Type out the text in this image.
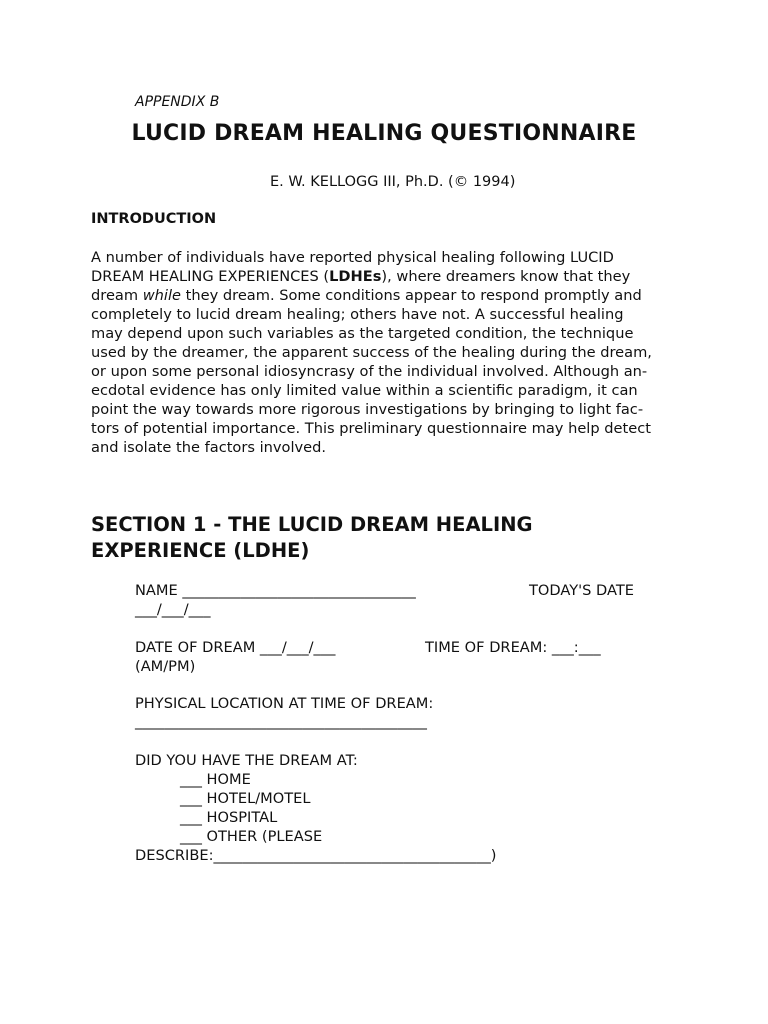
APPENDIX B
LUCID DREAM HEALING QUESTIONNAIRE
E. W. KELLOGG III, Ph.D. (© 1994)
INTRODUCTION
A number of individuals have reported physical healing following LUCID
DREAM HEALING EXPERIENCES (LDHEs), where dreamers know that they
dream while they dream. Some conditions appear to respond promptly and
completely to lucid dream healing; others have not. A successful healing
may depend upon such variables as the targeted condition, the technique
used by the dreamer, the apparent success of the healing during the dream,
or upon some personal idiosyncrasy of the individual involved. Although an-
ecdotal evidence has only limited value within a scientific paradigm, it can
point the way towards more rigorous investigations by bringing to light fac-
tors of potential importance. This preliminary questionnaire may help detect
and isolate the factors involved.
SECTION 1 - THE LUCID DREAM HEALING
EXPERIENCE (LDHE)
NAME ________________________________	TODAY'S DATE
___/___/___
DATE OF DREAM ___/___/___	TIME OF DREAM: ___:___
(AM/PM)
PHYSICAL LOCATION AT TIME OF DREAM:
________________________________________
DID YOU HAVE THE DREAM AT:
___ HOME
___ HOTEL/MOTEL
___ HOSPITAL
___ OTHER (PLEASE
DESCRIBE:______________________________________)
